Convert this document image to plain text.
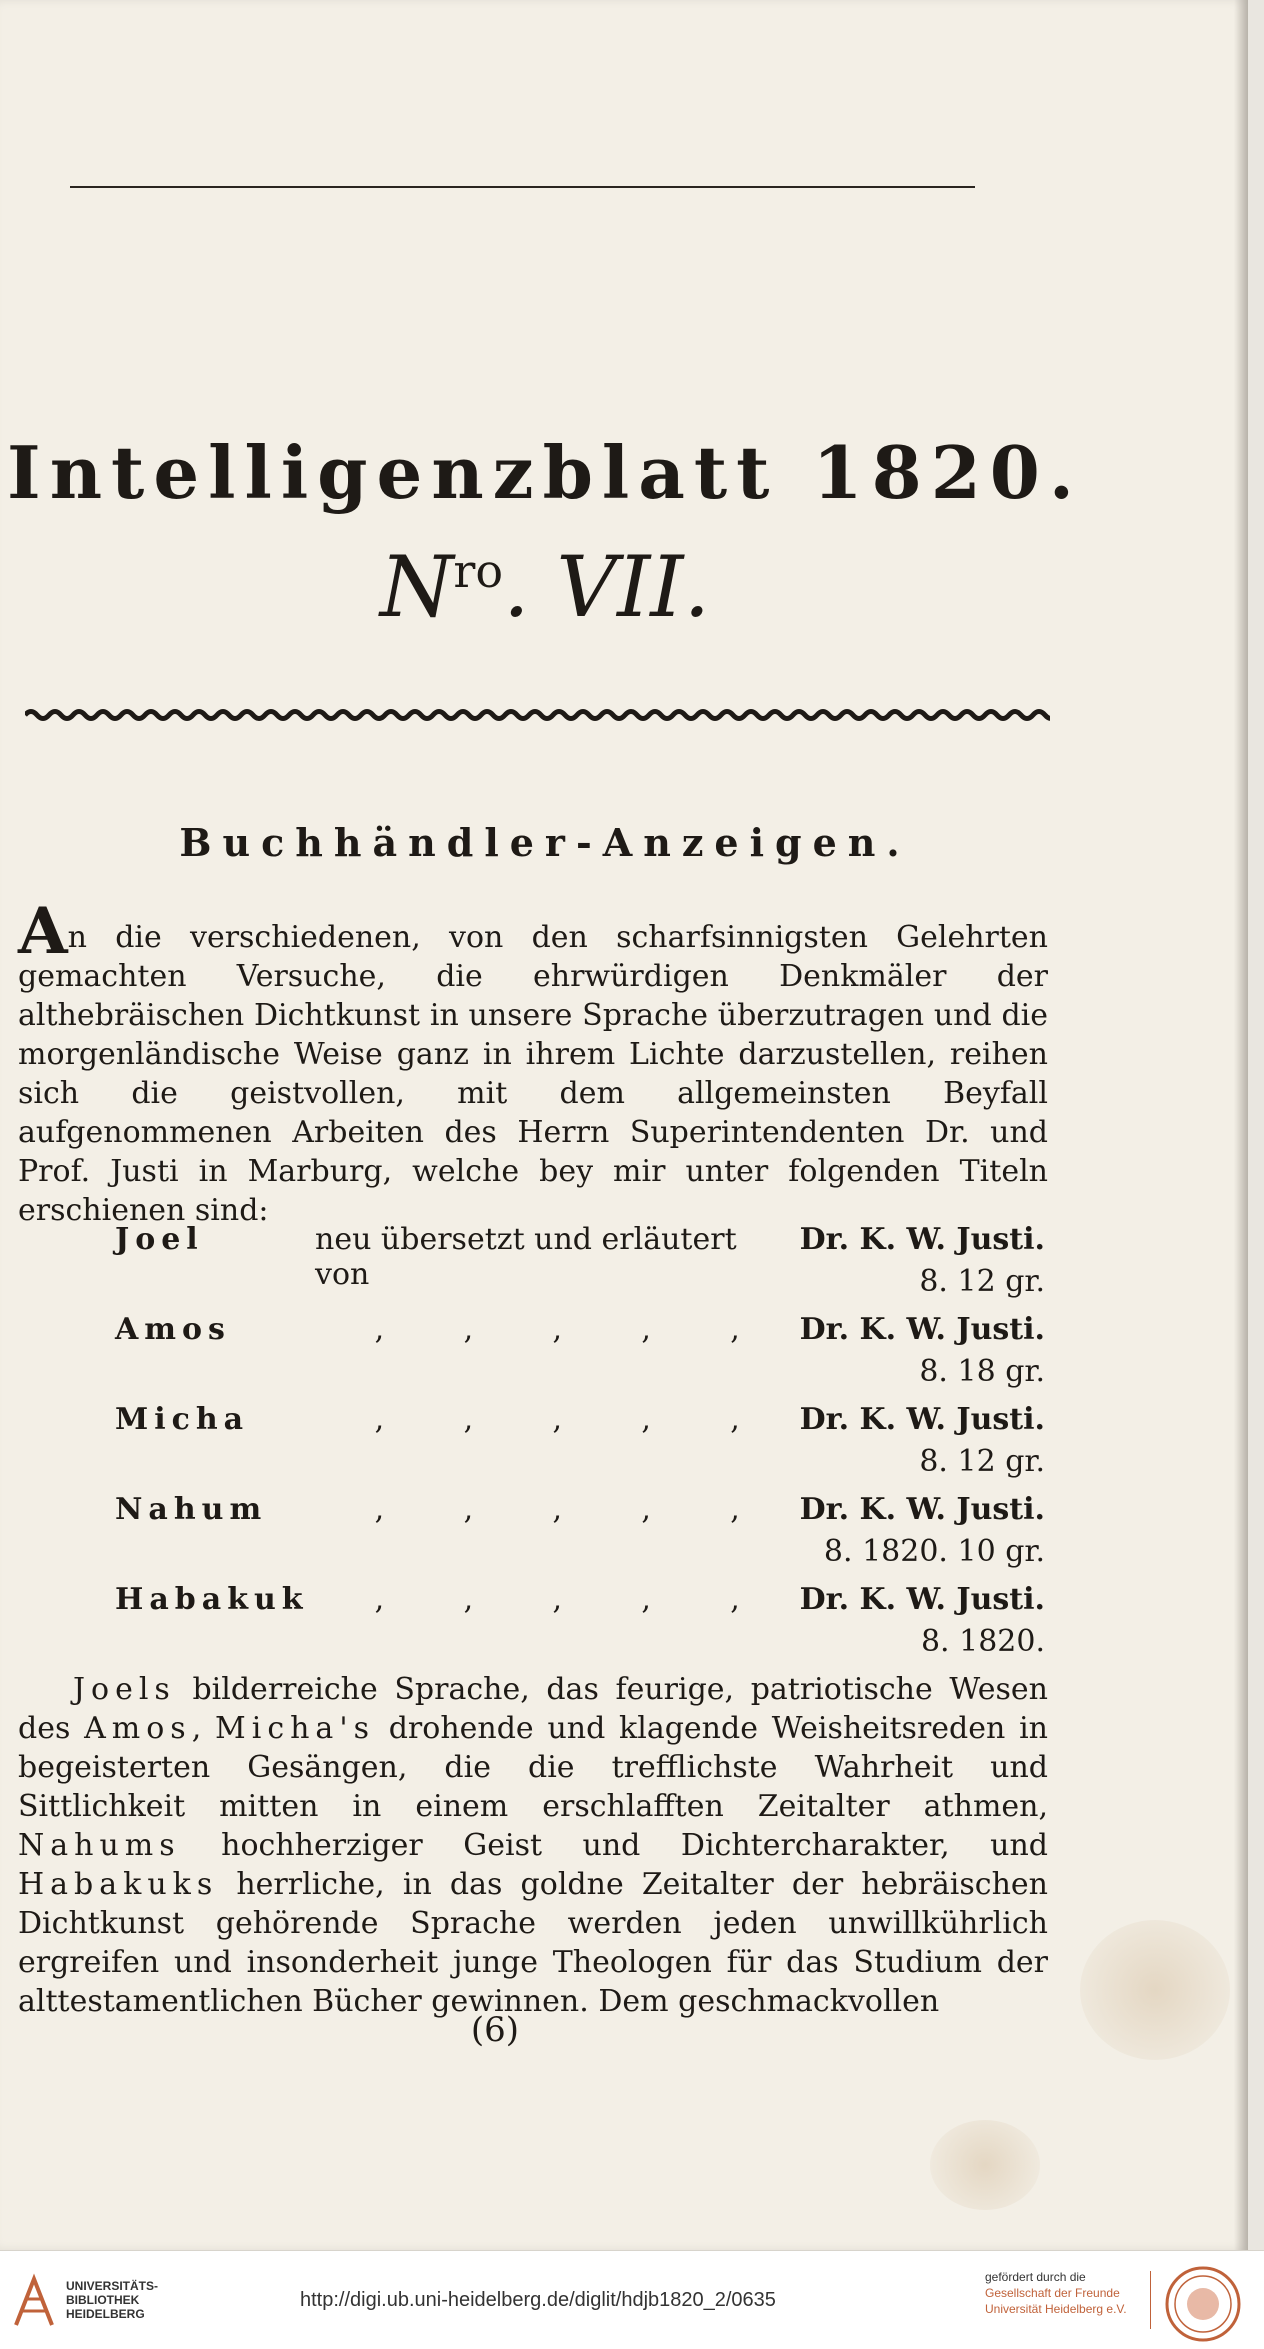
Intelligenzblatt 1820.
$N^{ro}$. VII.
Buchhändler-Anzeigen.
An die verschiedenen, von den scharfsinnigsten Gelehrten gemachten Versuche, die ehrwürdigen Denkmäler der althebräischen Dichtkunst in unsere Sprache überzutragen und die morgenländische Weise ganz in ihrem Lichte darzustellen, reihen sich die geistvollen, mit dem allgemeinsten Beyfall aufgenommenen Arbeiten des Herrn Superintendenten Dr. und Prof. Justi in Marburg, welche bey mir unter folgenden Titeln erschienen sind:
Joel	neu übersetzt und erläutert von
Dr. K. W. Justi.
8. 12 gr.
Amos	,	,	,	,	, Dr. K. W. Justi.
8. 18 gr.
Micha	,	,	,	,	, Dr. K. W. Justi.
8. 12 gr.
Nahum	,	,	,	,	, Dr. K. W. Justi.
8. 1820. 10 gr.
Habakuk ,	,	,	,	, Dr. K. W. Justi.
8. 1820.
Joels bilderreiche Sprache, das feurige, patriotische Wesen des Amos, Micha's drohende und klagende Weisheitsreden in begeisterten Gesängen, die die trefflichste Wahrheit und Sittlichkeit mitten in einem erschlafften Zeitalter athmen, Nahums hochherziger Geist und Dichtercharakter, und Habakuks herrliche, in das goldne Zeitalter der hebräischen Dichtkunst gehörende Sprache werden jeden unwillkührlich ergreifen und insonderheit junge Theologen für das Studium der alttestamentlichen Bücher gewinnen. Dem geschmackvollen
(6)
UNIVERSITÄTS-
BIBLIOTHEK
HEIDELBERG
http://digi.ub.uni-heidelberg.de/diglit/hdjb1820_2/0635
gefördert durch die
Gesellschaft der Freunde
Universität Heidelberg e.V.
